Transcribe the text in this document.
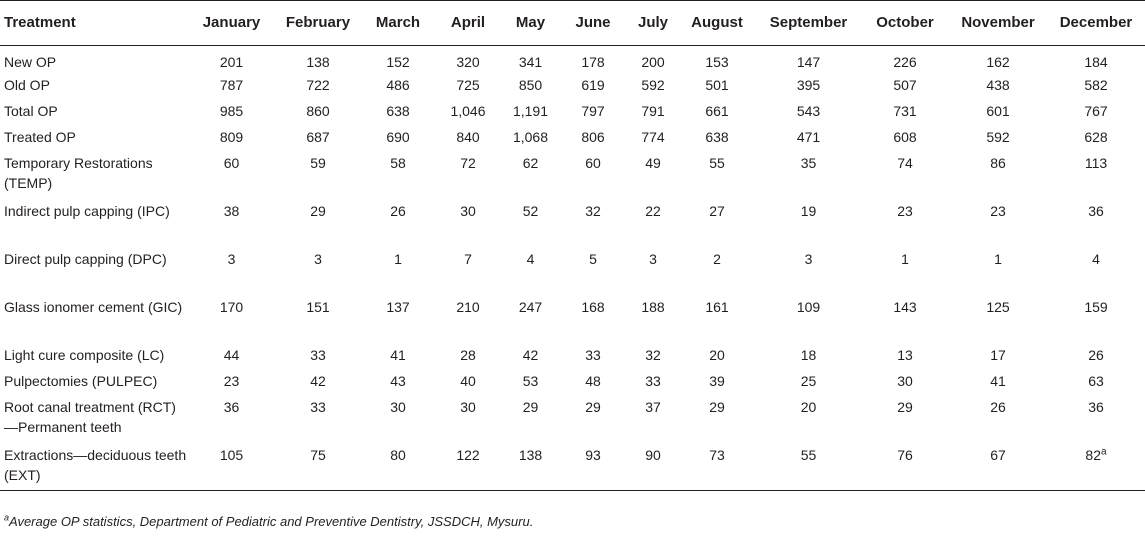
Treatment	January	February	March	April	May	June	July	August	September	October	November	December
New OP	201	138	152	320	341	178	200	153	147	226	162	184
Old OP	787	722	486	725	850	619	592	501	395	507	438	582
Total OP	985	860	638	1,046	1,191	797	791	661	543	731	601	767
Treated OP	809	687	690	840	1,068	806	774	638	471	608	592	628
Temporary Restorations (TEMP)	60	59	58	72	62	60	49	55	35	74	86	113
Indirect pulp capping (IPC)	38	29	26	30	52	32	22	27	19	23	23	36
Direct pulp capping (DPC)	3	3	1	7	4	5	3	2	3	1	1	4
Glass ionomer cement (GIC)	170	151	137	210	247	168	188	161	109	143	125	159
Light cure composite (LC)	44	33	41	28	42	33	32	20	18	13	17	26
Pulpectomies (PULPEC)	23	42	43	40	53	48	33	39	25	30	41	63
Root canal treatment (RCT)—Permanent teeth	36	33	30	30	29	29	37	29	20	29	26	36
Extractions—deciduous teeth (EXT)	105	75	80	122	138	93	90	73	55	76	67	82$^a$
$^a$Average OP statistics, Department of Pediatric and Preventive Dentistry, JSSDCH, Mysuru.
